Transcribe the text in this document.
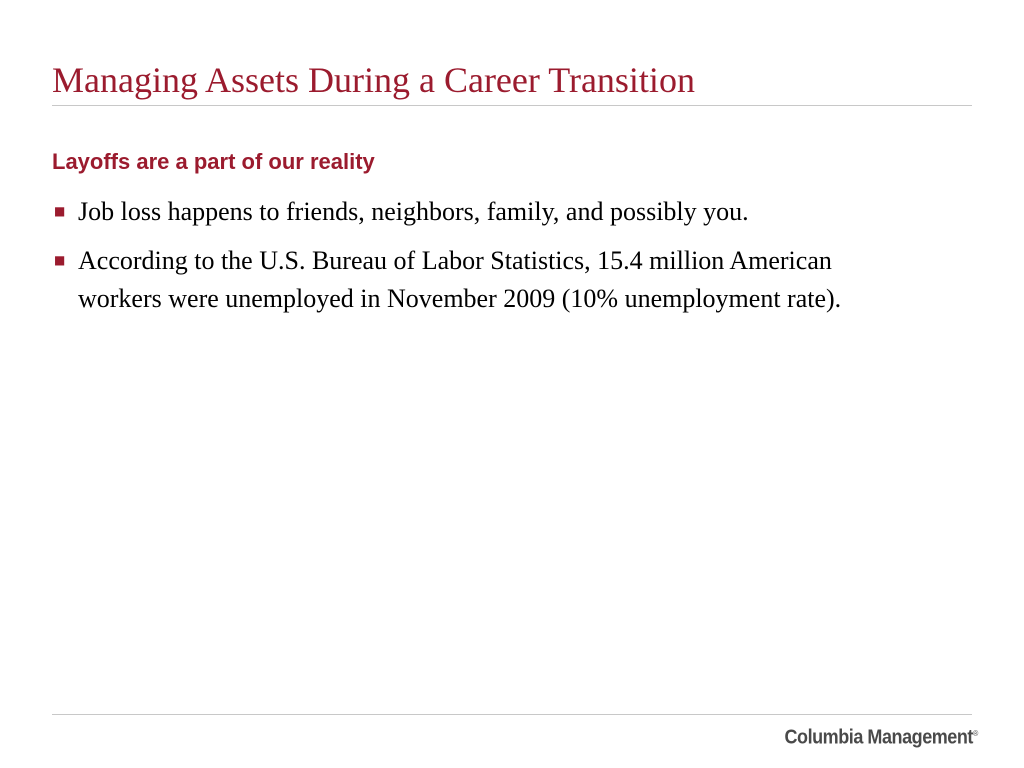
Managing Assets During a Career Transition
Layoffs are a part of our reality
■ Job loss happens to friends, neighbors, family, and possibly you.
■ According to the U.S. Bureau of Labor Statistics, 15.4 million American workers were unemployed in November 2009 (10% unemployment rate).
Columbia Management®
